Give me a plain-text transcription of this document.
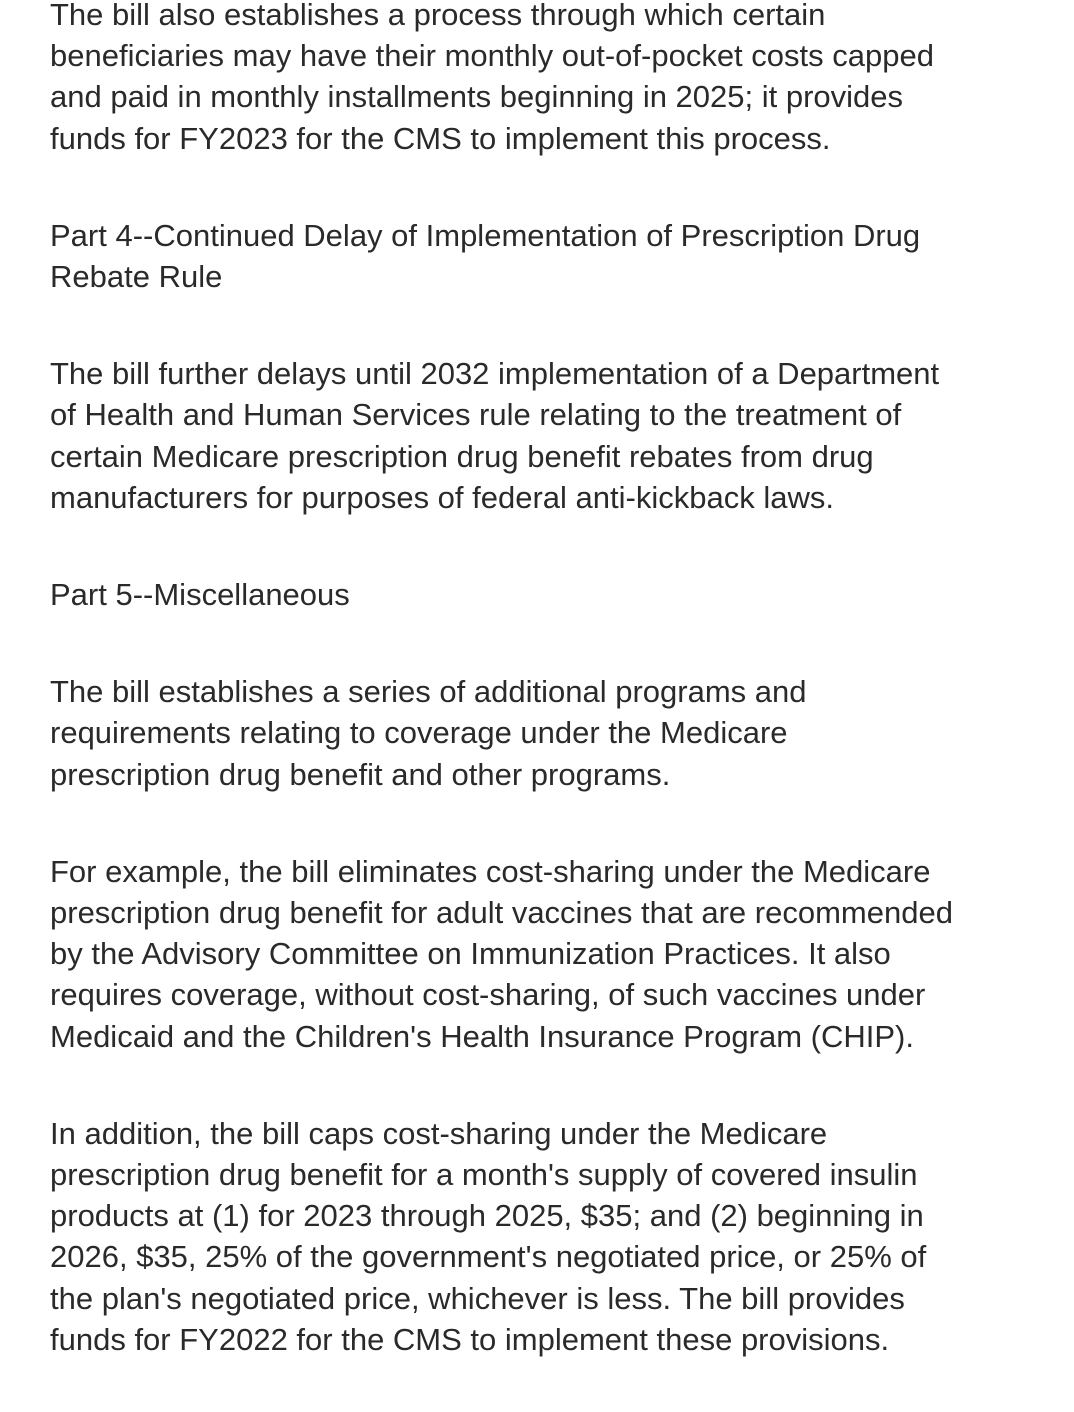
The bill also establishes a process through which certain
beneficiaries may have their monthly out-of-pocket costs capped
and paid in monthly installments beginning in 2025; it provides
funds for FY2023 for the CMS to implement this process.

Part 4--Continued Delay of Implementation of Prescription Drug
Rebate Rule

The bill further delays until 2032 implementation of a Department
of Health and Human Services rule relating to the treatment of
certain Medicare prescription drug benefit rebates from drug
manufacturers for purposes of federal anti-kickback laws.

Part 5--Miscellaneous

The bill establishes a series of additional programs and
requirements relating to coverage under the Medicare
prescription drug benefit and other programs.

For example, the bill eliminates cost-sharing under the Medicare
prescription drug benefit for adult vaccines that are recommended
by the Advisory Committee on Immunization Practices. It also
requires coverage, without cost-sharing, of such vaccines under
Medicaid and the Children's Health Insurance Program (CHIP).

In addition, the bill caps cost-sharing under the Medicare
prescription drug benefit for a month's supply of covered insulin
products at (1) for 2023 through 2025, $35; and (2) beginning in
2026, $35, 25% of the government's negotiated price, or 25% of
the plan's negotiated price, whichever is less. The bill provides
funds for FY2022 for the CMS to implement these provisions.
